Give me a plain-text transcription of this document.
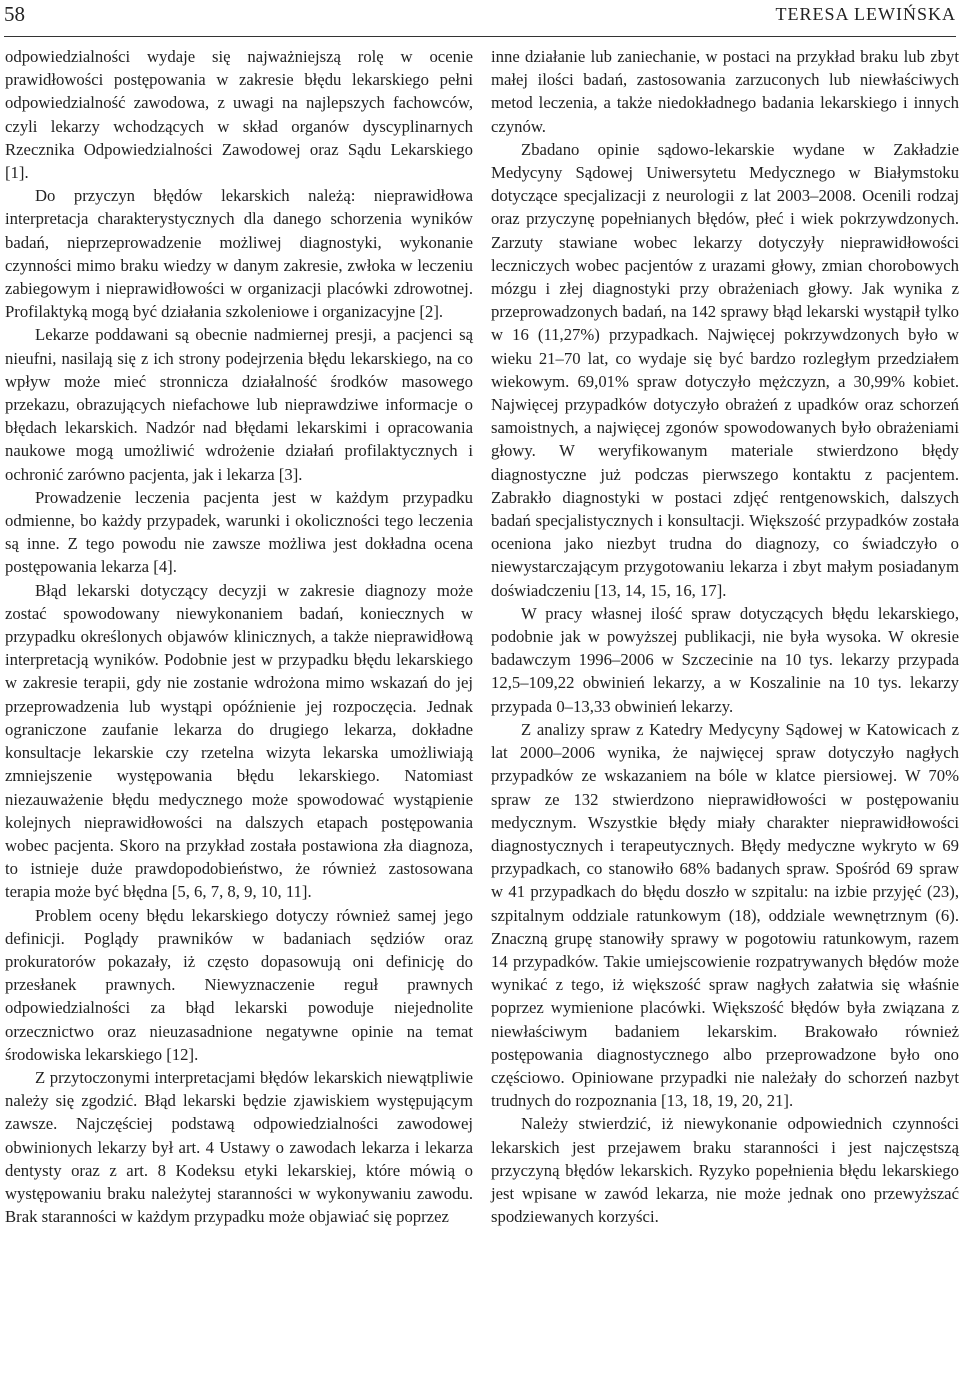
58	TERESA LEWIŃSKA

odpowiedzialności wydaje się najważniejszą rolę w ocenie prawidłowości postępowania w zakresie błędu lekarskiego pełni odpowiedzialność zawodowa, z uwagi na najlepszych fachowców, czyli lekarzy wchodzących w skład organów dyscyplinarnych Rzecznika Odpowiedzialności Zawodowej oraz Sądu Lekarskiego [1].

Do przyczyn błędów lekarskich należą: nieprawidłowa interpretacja charakterystycznych dla danego schorzenia wyników badań, nieprzeprowadzenie możliwej diagnostyki, wykonanie czynności mimo braku wiedzy w danym zakresie, zwłoka w leczeniu zabiegowym i nieprawidłowości w organizacji placówki zdrowotnej. Profilaktyką mogą być działania szkoleniowe i organizacyjne [2].

Lekarze poddawani są obecnie nadmiernej presji, a pacjenci są nieufni, nasilają się z ich strony podejrzenia błędu lekarskiego, na co wpływ może mieć stronnicza działalność środków masowego przekazu, obrazujących niefachowe lub nieprawdziwe informacje o błędach lekarskich. Nadzór nad błędami lekarskimi i opracowania naukowe mogą umożliwić wdrożenie działań profilaktycznych i ochronić zarówno pacjenta, jak i lekarza [3].

Prowadzenie leczenia pacjenta jest w każdym przypadku odmienne, bo każdy przypadek, warunki i okoliczności tego leczenia są inne. Z tego powodu nie zawsze możliwa jest dokładna ocena postępowania lekarza [4].

Błąd lekarski dotyczący decyzji w zakresie diagnozy może zostać spowodowany niewykonaniem badań, koniecznych w przypadku określonych objawów klinicznych, a także nieprawidłową interpretacją wyników. Podobnie jest w przypadku błędu lekarskiego w zakresie terapii, gdy nie zostanie wdrożona mimo wskazań do jej przeprowadzenia lub wystąpi opóźnienie jej rozpoczęcia. Jednak ograniczone zaufanie lekarza do drugiego lekarza, dokładne konsultacje lekarskie czy rzetelna wizyta lekarska umożliwiają zmniejszenie występowania błędu lekarskiego. Natomiast niezauważenie błędu medycznego może spowodować wystąpienie kolejnych nieprawidłowości na dalszych etapach postępowania wobec pacjenta. Skoro na przykład została postawiona zła diagnoza, to istnieje duże prawdopodobieństwo, że również zastosowana terapia może być błędna [5, 6, 7, 8, 9, 10, 11].

Problem oceny błędu lekarskiego dotyczy również samej jego definicji. Poglądy prawników w badaniach sędziów oraz prokuratorów pokazały, iż często dopasowują oni definicję do przesłanek prawnych. Niewyznaczenie reguł prawnych odpowiedzialności za błąd lekarski powoduje niejednolite orzecznictwo oraz nieuzasadnione negatywne opinie na temat środowiska lekarskiego [12].

Z przytoczonymi interpretacjami błędów lekarskich niewątpliwie należy się zgodzić. Błąd lekarski będzie zjawiskiem występującym zawsze. Najczęściej podstawą odpowiedzialności zawodowej obwinionych lekarzy był art. 4 Ustawy o zawodach lekarza i lekarza dentysty oraz z art. 8 Kodeksu etyki lekarskiej, które mówią o występowaniu braku należytej staranności w wykonywaniu zawodu. Brak staranności w każdym przypadku może objawiać się poprzez

inne działanie lub zaniechanie, w postaci na przykład braku lub zbyt małej ilości badań, zastosowania zarzuconych lub niewłaściwych metod leczenia, a także niedokładnego badania lekarskiego i innych czynów.

Zbadano opinie sądowo-lekarskie wydane w Zakładzie Medycyny Sądowej Uniwersytetu Medycznego w Białymstoku dotyczące specjalizacji z neurologii z lat 2003–2008. Ocenili rodzaj oraz przyczynę popełnianych błędów, płeć i wiek pokrzywdzonych. Zarzuty stawiane wobec lekarzy dotyczyły nieprawidłowości leczniczych wobec pacjentów z urazami głowy, zmian chorobowych mózgu i złej diagnostyki przy obrażeniach głowy. Jak wynika z przeprowadzonych badań, na 142 sprawy błąd lekarski wystąpił tylko w 16 (11,27%) przypadkach. Najwięcej pokrzywdzonych było w wieku 21–70 lat, co wydaje się być bardzo rozległym przedziałem wiekowym. 69,01% spraw dotyczyło mężczyzn, a 30,99% kobiet. Najwięcej przypadków dotyczyło obrażeń z upadków oraz schorzeń samoistnych, a najwięcej zgonów spowodowanych było obrażeniami głowy. W weryfikowanym materiale stwierdzono błędy diagnostyczne już podczas pierwszego kontaktu z pacjentem. Zabrakło diagnostyki w postaci zdjęć rentgenowskich, dalszych badań specjalistycznych i konsultacji. Większość przypadków została oceniona jako niezbyt trudna do diagnozy, co świadczyło o niewystarczającym przygotowaniu lekarza i zbyt małym posiadanym doświadczeniu [13, 14, 15, 16, 17].

W pracy własnej ilość spraw dotyczących błędu lekarskiego, podobnie jak w powyższej publikacji, nie była wysoka. W okresie badawczym 1996–2006 w Szczecinie na 10 tys. lekarzy przypada 12,5–109,22 obwinień lekarzy, a w Koszalinie na 10 tys. lekarzy przypada 0–13,33 obwinień lekarzy.

Z analizy spraw z Katedry Medycyny Sądowej w Katowicach z lat 2000–2006 wynika, że najwięcej spraw dotyczyło nagłych przypadków ze wskazaniem na bóle w klatce piersiowej. W 70% spraw ze 132 stwierdzono nieprawidłowości w postępowaniu medycznym. Wszystkie błędy miały charakter nieprawidłowości diagnostycznych i terapeutycznych. Błędy medyczne wykryto w 69 przypadkach, co stanowiło 68% badanych spraw. Spośród 69 spraw w 41 przypadkach do błędu doszło w szpitalu: na izbie przyjęć (23), szpitalnym oddziale ratunkowym (18), oddziale wewnętrznym (6). Znaczną grupę stanowiły sprawy w pogotowiu ratunkowym, razem 14 przypadków. Takie umiejscowienie rozpatrywanych błędów może wynikać z tego, iż większość spraw nagłych załatwia się właśnie poprzez wymienione placówki. Większość błędów była związana z niewłaściwym badaniem lekarskim. Brakowało również postępowania diagnostycznego albo przeprowadzone było ono częściowo. Opiniowane przypadki nie należały do schorzeń nazbyt trudnych do rozpoznania [13, 18, 19, 20, 21].

Należy stwierdzić, iż niewykonanie odpowiednich czynności lekarskich jest przejawem braku staranności i jest najczęstszą przyczyną błędów lekarskich. Ryzyko popełnienia błędu lekarskiego jest wpisane w zawód lekarza, nie może jednak ono przewyższać spodziewanych korzyści.
